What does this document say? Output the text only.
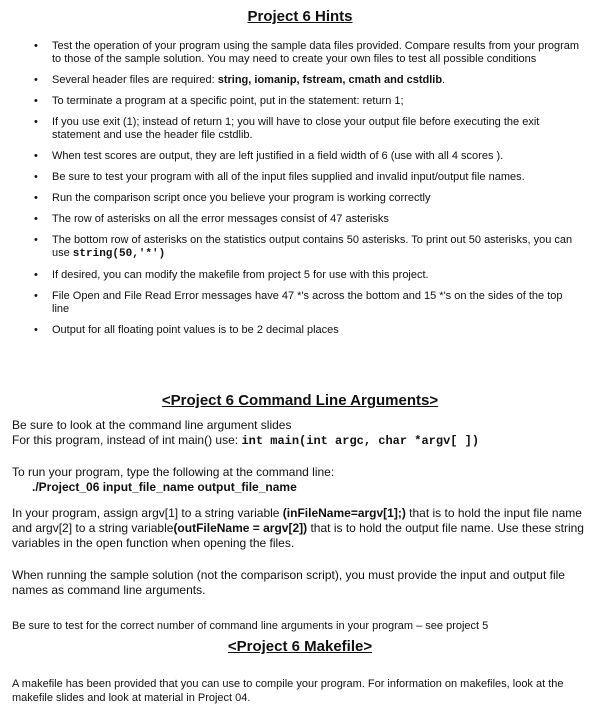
Project 6 Hints
• Test the operation of your program using the sample data files provided. Compare results from your program to those of the sample solution. You may need to create your own files to test all possible conditions
• Several header files are required: string, iomanip, fstream, cmath and cstdlib.
• To terminate a program at a specific point, put in the statement: return 1;
• If you use exit (1); instead of return 1; you will have to close your output file before executing the exit statement and use the header file cstdlib.
• When test scores are output, they are left justified in a field width of 6 (use with all 4 scores ).
• Be sure to test your program with all of the input files supplied and invalid input/output file names.
• Run the comparison script once you believe your program is working correctly
• The row of asterisks on all the error messages consist of 47 asterisks
• The bottom row of asterisks on the statistics output contains 50 asterisks. To print out 50 asterisks, you can use string(50,'*')
• If desired, you can modify the makefile from project 5 for use with this project.
• File Open and File Read Error messages have 47 *'s across the bottom and 15 *'s on the sides of the top line
• Output for all floating point values is to be 2 decimal places
<Project 6 Command Line Arguments>

Be sure to look at the command line argument slides
For this program, instead of int main() use: int main(int argc, char *argv[ ])

To run your program, type the following at the command line:
./Project_06 input_file_name output_file_name

In your program, assign argv[1] to a string variable (inFileName=argv[1];) that is to hold the input file name and argv[2] to a string variable(outFileName = argv[2]) that is to hold the output file name. Use these string variables in the open function when opening the files.

When running the sample solution (not the comparison script), you must provide the input and output file names as command line arguments.

Be sure to test for the correct number of command line arguments in your program – see project 5

<Project 6 Makefile>

A makefile has been provided that you can use to compile your program. For information on makefiles, look at the makefile slides and look at material in Project 04.
